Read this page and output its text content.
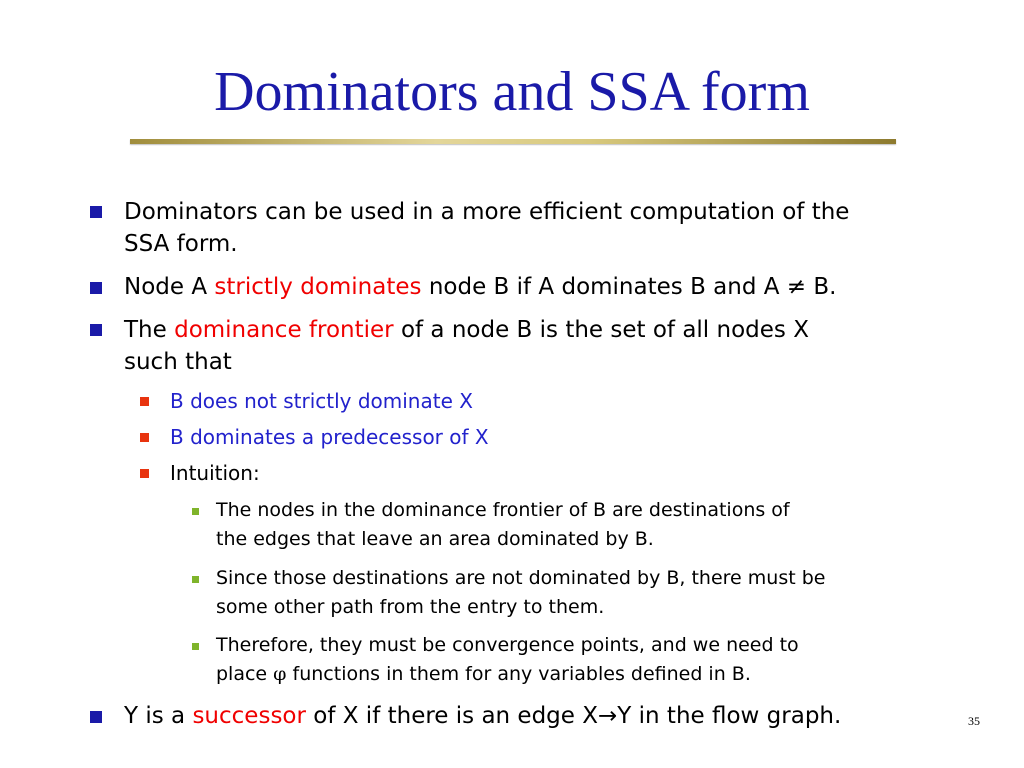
Dominators and SSA form
Dominators can be used in a more efficient computation of the
SSA form.
Node A strictly dominates node B if A dominates B and A ≠ B.
The dominance frontier of a node B is the set of all nodes X
such that
B does not strictly dominate X
B dominates a predecessor of X
Intuition:
The nodes in the dominance frontier of B are destinations of
the edges that leave an area dominated by B.
Since those destinations are not dominated by B, there must be
some other path from the entry to them.
Therefore, they must be convergence points, and we need to
place φ functions in them for any variables defined in B.
Y is a successor of X if there is an edge X→Y in the flow graph.	35
